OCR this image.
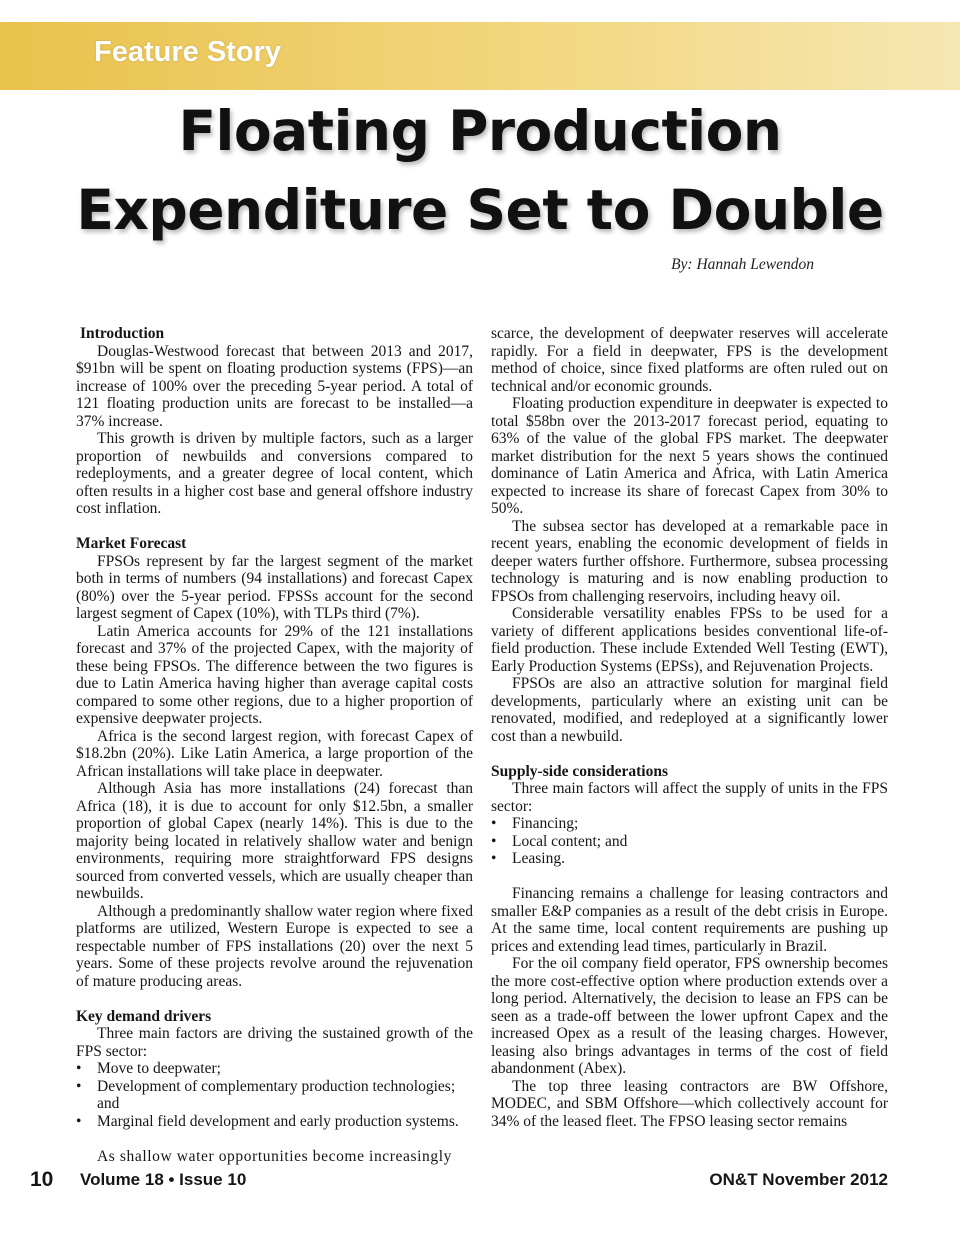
Feature Story
Floating Production
Expenditure Set to Double
By: Hannah Lewendon
Introduction

Douglas-Westwood forecast that between 2013 and 2017, $91bn will be spent on floating production systems (FPS)—an increase of 100% over the preceding 5-year period. A total of 121 floating production units are forecast to be installed—a 37% increase.

This growth is driven by multiple factors, such as a larger proportion of newbuilds and conversions compared to redeployments, and a greater degree of local content, which often results in a higher cost base and general offshore industry cost inflation.

Market Forecast

FPSOs represent by far the largest segment of the market both in terms of numbers (94 installations) and forecast Capex (80%) over the 5-year period. FPSSs account for the second largest segment of Capex (10%), with TLPs third (7%).

Latin America accounts for 29% of the 121 installations forecast and 37% of the projected Capex, with the majority of these being FPSOs. The difference between the two figures is due to Latin America having higher than average capital costs compared to some other regions, due to a higher proportion of expensive deepwater projects.

Africa is the second largest region, with forecast Capex of $18.2bn (20%). Like Latin America, a large proportion of the African installations will take place in deepwater.

Although Asia has more installations (24) forecast than Africa (18), it is due to account for only $12.5bn, a smaller proportion of global Capex (nearly 14%). This is due to the majority being located in relatively shallow water and benign environments, requiring more straightforward FPS designs sourced from converted vessels, which are usually cheaper than newbuilds.

Although a predominantly shallow water region where fixed platforms are utilized, Western Europe is expected to see a respectable number of FPS installations (20) over the next 5 years. Some of these projects revolve around the rejuvenation of mature producing areas.

Key demand drivers

Three main factors are driving the sustained growth of the FPS sector:

• Move to deepwater;
• Development of complementary production technologies; and
• Marginal field development and early production systems.

As shallow water opportunities become increasingly

scarce, the development of deepwater reserves will accelerate rapidly. For a field in deepwater, FPS is the development method of choice, since fixed platforms are often ruled out on technical and/or economic grounds.

Floating production expenditure in deepwater is expected to total $58bn over the 2013-2017 forecast period, equating to 63% of the value of the global FPS market. The deepwater market distribution for the next 5 years shows the continued dominance of Latin America and Africa, with Latin America expected to increase its share of forecast Capex from 30% to 50%.

The subsea sector has developed at a remarkable pace in recent years, enabling the economic development of fields in deeper waters further offshore. Furthermore, subsea processing technology is maturing and is now enabling production to FPSOs from challenging reservoirs, including heavy oil.

Considerable versatility enables FPSs to be used for a variety of different applications besides conventional life-of-field production. These include Extended Well Testing (EWT), Early Production Systems (EPSs), and Rejuvenation Projects.

FPSOs are also an attractive solution for marginal field developments, particularly where an existing unit can be renovated, modified, and redeployed at a significantly lower cost than a newbuild.

Supply-side considerations

Three main factors will affect the supply of units in the FPS sector:

• Financing;
• Local content; and
• Leasing.

Financing remains a challenge for leasing contractors and smaller E&P companies as a result of the debt crisis in Europe. At the same time, local content requirements are pushing up prices and extending lead times, particularly in Brazil.

For the oil company field operator, FPS ownership becomes the more cost-effective option where production extends over a long period. Alternatively, the decision to lease an FPS can be seen as a trade-off between the lower upfront Capex and the increased Opex as a result of the leasing charges. However, leasing also brings advantages in terms of the cost of field abandonment (Abex).

The top three leasing contractors are BW Offshore, MODEC, and SBM Offshore—which collectively account for 34% of the leased fleet. The FPSO leasing sector remains

10 Volume 18 • Issue 10	ON&T November 2012
